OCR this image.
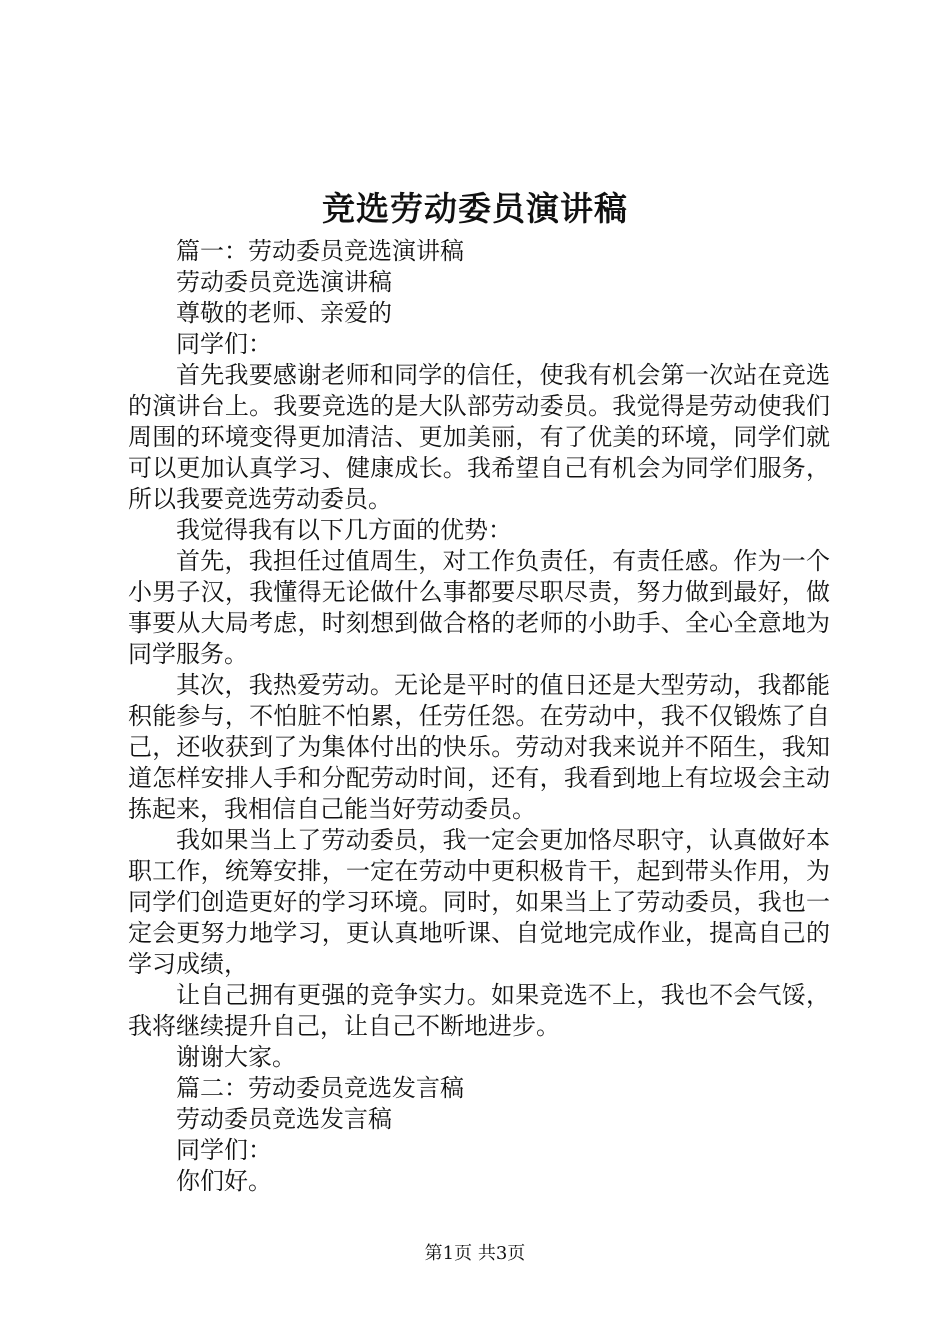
竞选劳动委员演讲稿

篇一：劳动委员竞选演讲稿

劳动委员竞选演讲稿

尊敬的老师、亲爱的

同学们：

首先我要感谢老师和同学的信任，使我有机会第一次站在竞选的演讲台上。我要竞选的是大队部劳动委员。我觉得是劳动使我们周围的环境变得更加清洁、更加美丽，有了优美的环境，同学们就可以更加认真学习、健康成长。我希望自己有机会为同学们服务，所以我要竞选劳动委员。

我觉得我有以下几方面的优势：

首先，我担任过值周生，对工作负责任，有责任感。作为一个小男子汉，我懂得无论做什么事都要尽职尽责，努力做到最好，做事要从大局考虑，时刻想到做合格的老师的小助手、全心全意地为同学服务。

其次，我热爱劳动。无论是平时的值日还是大型劳动，我都能积能参与，不怕脏不怕累，任劳任怨。在劳动中，我不仅锻炼了自己，还收获到了为集体付出的快乐。劳动对我来说并不陌生，我知道怎样安排人手和分配劳动时间，还有，我看到地上有垃圾会主动拣起来，我相信自己能当好劳动委员。

我如果当上了劳动委员，我一定会更加恪尽职守，认真做好本职工作，统筹安排，一定在劳动中更积极肯干，起到带头作用，为同学们创造更好的学习环境。同时，如果当上了劳动委员，我也一定会更努力地学习，更认真地听课、自觉地完成作业，提高自己的学习成绩，

让自己拥有更强的竞争实力。如果竞选不上，我也不会气馁，我将继续提升自己，让自己不断地进步。

谢谢大家。

篇二：劳动委员竞选发言稿

劳动委员竞选发言稿

同学们：

你们好。

第1页 共3页
